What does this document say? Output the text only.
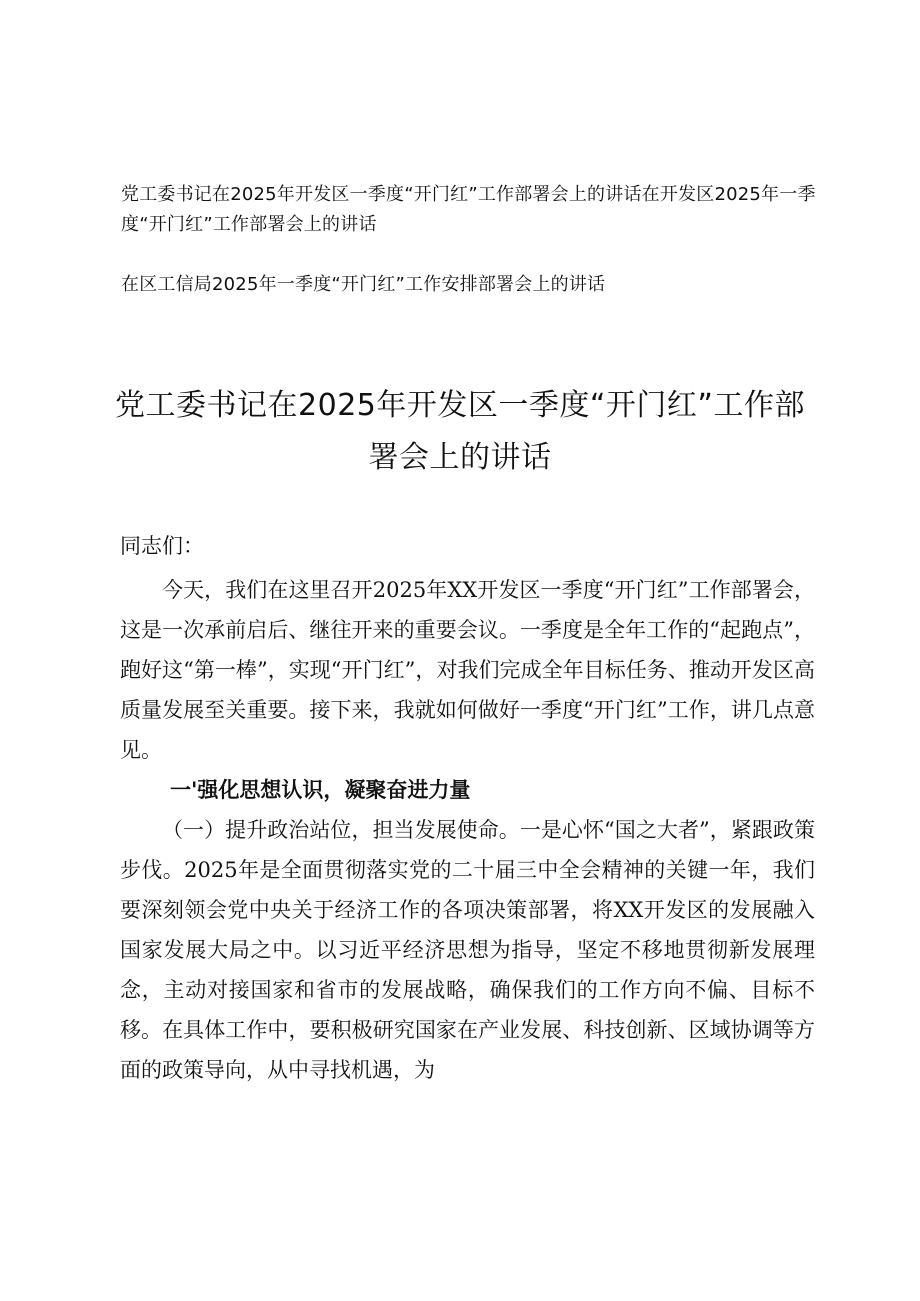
党工委书记在2025年开发区一季度“开门红”工作部署会上的讲话在开发区2025年一季度“开门红”工作部署会上的讲话

在区工信局2025年一季度“开门红”工作安排部署会上的讲话

党工委书记在2025年开发区一季度“开门红”工作部署会上的讲话

同志们：

今天，我们在这里召开2025年XX开发区一季度“开门红”工作部署会，这是一次承前启后、继往开来的重要会议。一季度是全年工作的“起跑点”，跑好这“第一棒”，实现“开门红”，对我们完成全年目标任务、推动开发区高质量发展至关重要。接下来，我就如何做好一季度“开门红”工作，讲几点意见。

一'强化思想认识，凝聚奋进力量

（一）提升政治站位，担当发展使命。一是心怀“国之大者”，紧跟政策步伐。2025年是全面贯彻落实党的二十届三中全会精神的关键一年，我们要深刻领会党中央关于经济工作的各项决策部署，将XX开发区的发展融入国家发展大局之中。以习近平经济思想为指导，坚定不移地贯彻新发展理念，主动对接国家和省市的发展战略，确保我们的工作方向不偏、目标不移。在具体工作中，要积极研究国家在产业发展、科技创新、区域协调等方面的政策导向，从中寻找机遇，为
